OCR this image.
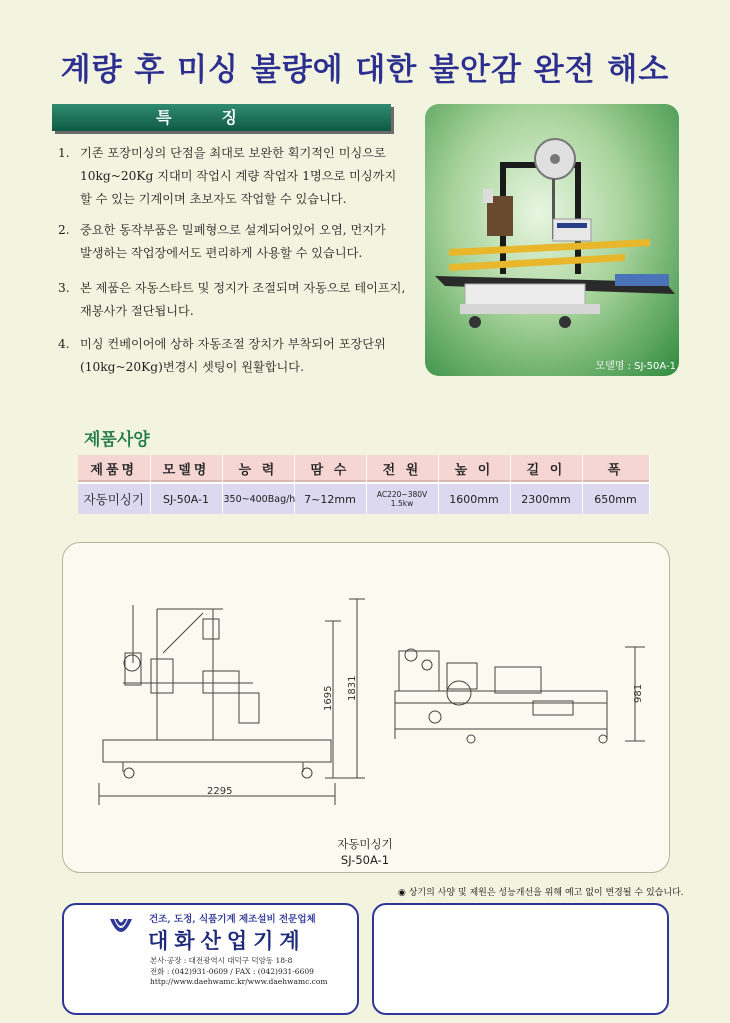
계량 후 미싱 불량에 대한 불안감 완전 해소
특징
1. 기존 포장미싱의 단점을 최대로 보완한 획기적인 미싱으로
10kg~20Kg 지대미 작업시 계량 작업자 1명으로 미싱까지
할 수 있는 기계이며 초보자도 작업할 수 있습니다.
2. 중요한 동작부품은 밀폐형으로 설계되어있어 오염, 먼지가
발생하는 작업장에서도 편리하게 사용할 수 있습니다.
3. 본 제품은 자동스타트 및 정지가 조절되며 자동으로 테이프지,
재봉사가 절단됩니다.
4. 미싱 컨베이어에 상하 자동조절 장치가 부착되어 포장단위
(10kg~20Kg)변경시 셋팅이 원활합니다.	모델명 : SJ-50A-1
제품사양
제품명	모델명	능 력	땀 수	전 원	높 이	길 이	폭
자동미싱기	SJ-50A-1	350~400Bag/h	7~12mm	AC220~380V 1.5kw	1600mm	2300mm	650mm
2295
1695 1831	981
자동미싱기
SJ-50A-1
◉ 상기의 사양 및 제원은 성능개선을 위해 예고 없이 변경될 수 있습니다.
건조, 도정, 식품기계 제조설비 전문업체
대화산업기계
본사·공장 : 대전광역시 대덕구 덕암동 18-8
전화 : (042)931-0609 / FAX : (042)931-6609
http://www.daehwamc.kr/www.daehwamc.com
